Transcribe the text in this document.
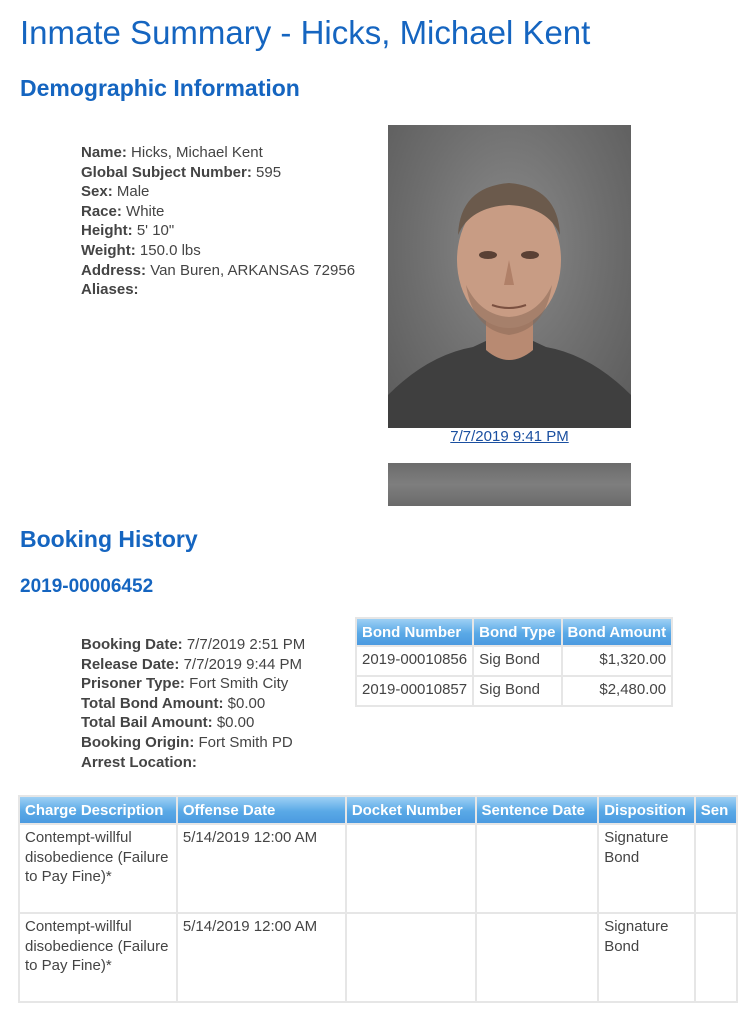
Inmate Summary - Hicks, Michael Kent
Demographic Information
Name: Hicks, Michael Kent
Global Subject Number: 595
Sex: Male
Race: White
Height: 5' 10"
Weight: 150.0 lbs
Address: Van Buren, ARKANSAS 72956
Aliases:
7/7/2019 9:41 PM
Booking History
2019-00006452
Booking Date: 7/7/2019 2:51 PM
Release Date: 7/7/2019 9:44 PM
Prisoner Type: Fort Smith City
Total Bond Amount: $0.00
Total Bail Amount: $0.00
Booking Origin: Fort Smith PD
Arrest Location:
Bond Number	Bond Type	Bond Amount
2019-00010856	Sig Bond	$1,320.00
2019-00010857	Sig Bond	$2,480.00
Charge Description	Offense Date	Docket Number	Sentence Date	Disposition	Sen
Contempt-willful disobedience (Failure to Pay Fine)*	5/14/2019 12:00 AM			Signature Bond	
Contempt-willful disobedience (Failure to Pay Fine)*	5/14/2019 12:00 AM			Signature Bond	
